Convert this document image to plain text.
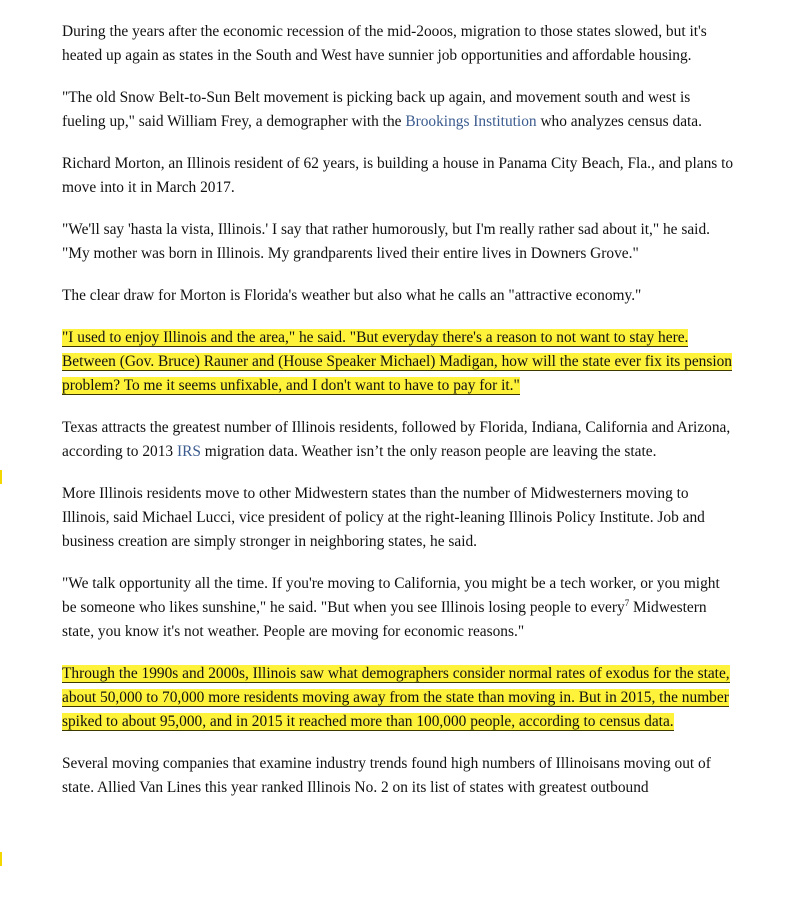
During the years after the economic recession of the mid-2ooos, migration to those states slowed, but it's heated up again as states in the South and West have sunnier job opportunities and affordable housing.

"The old Snow Belt-to-Sun Belt movement is picking back up again, and movement south and west is fueling up," said William Frey, a demographer with the Brookings Institution who analyzes census data.

Richard Morton, an Illinois resident of 62 years, is building a house in Panama City Beach, Fla., and plans to move into it in March 2017.

"We'll say 'hasta la vista, Illinois.' I say that rather humorously, but I'm really rather sad about it," he said. "My mother was born in Illinois. My grandparents lived their entire lives in Downers Grove."

The clear draw for Morton is Florida's weather but also what he calls an "attractive economy."

"I used to enjoy Illinois and the area," he said. "But everyday there's a reason to not want to stay here. Between (Gov. Bruce) Rauner and (House Speaker Michael) Madigan, how will the state ever fix its pension problem? To me it seems unfixable, and I don't want to have to pay for it."

Texas attracts the greatest number of Illinois residents, followed by Florida, Indiana, California and Arizona, according to 2013 IRS migration data. Weather isn’t the only reason people are leaving the state.

More Illinois residents move to other Midwestern states than the number of Midwesterners moving to Illinois, said Michael Lucci, vice president of policy at the right-leaning Illinois Policy Institute. Job and business creation are simply stronger in neighboring states, he said.

"We talk opportunity all the time. If you're moving to California, you might be a tech worker, or you might be someone who likes sunshine," he said. "But when you see Illinois losing people to every$^7$ Midwestern state, you know it's not weather. People are moving for economic reasons."

Through the 1990s and 2000s, Illinois saw what demographers consider normal rates of exodus for the state, about 50,000 to 70,000 more residents moving away from the state than moving in. But in 2015, the number spiked to about 95,000, and in 2015 it reached more than 100,000 people, according to census data.

Several moving companies that examine industry trends found high numbers of Illinoisans moving out of state. Allied Van Lines this year ranked Illinois No. 2 on its list of states with greatest outbound
